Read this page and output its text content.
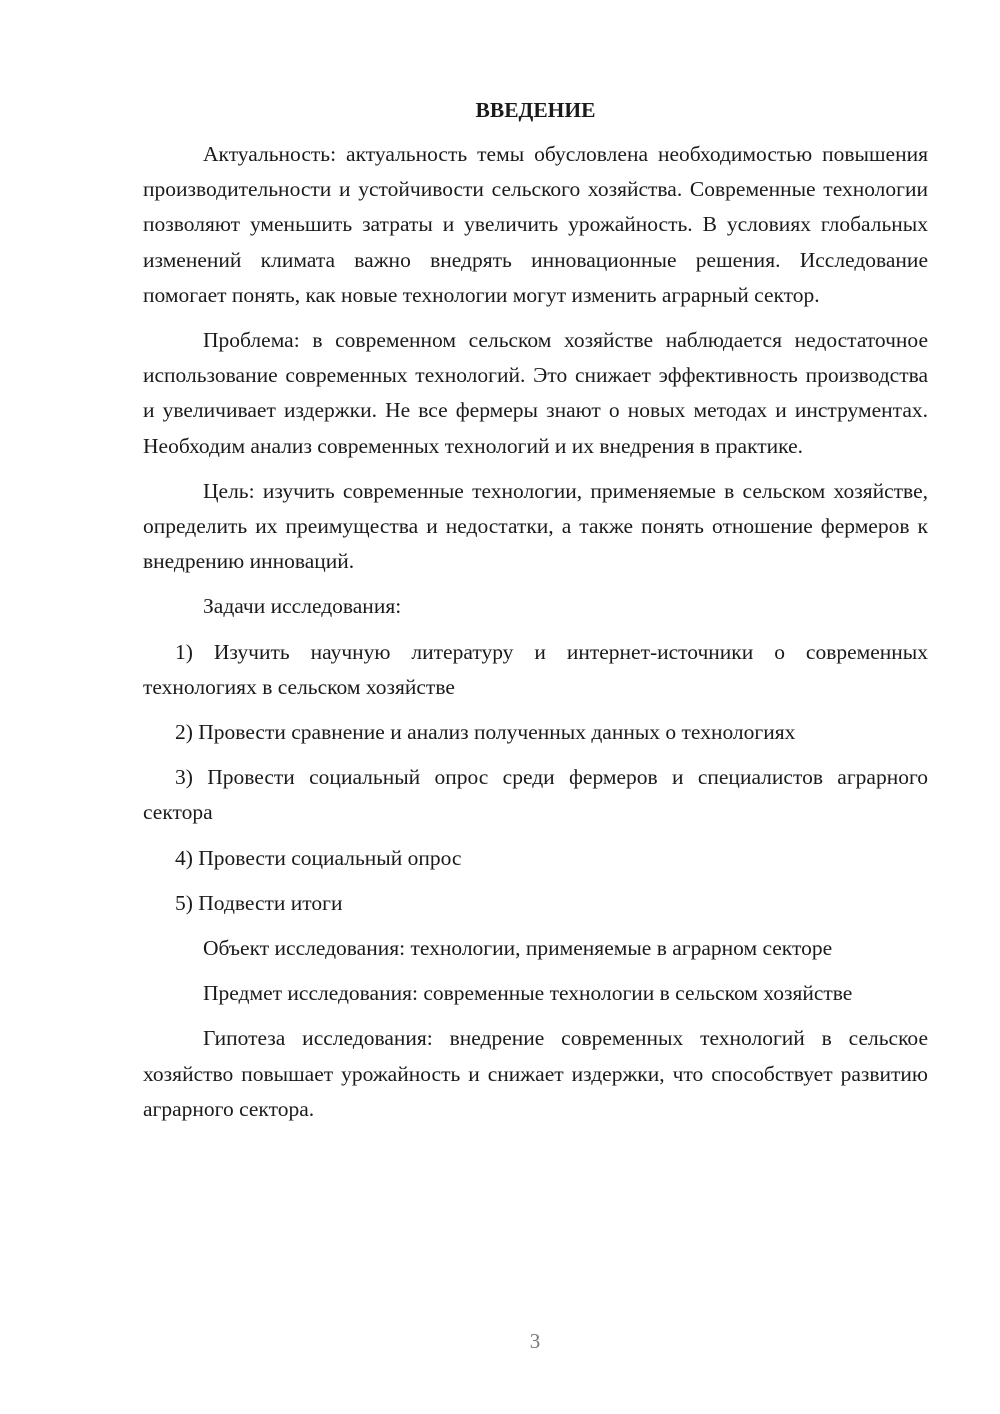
ВВЕДЕНИЕ

Актуальность: актуальность темы обусловлена необходимостью повышения производительности и устойчивости сельского хозяйства. Современные технологии позволяют уменьшить затраты и увеличить урожайность. В условиях глобальных изменений климата важно внедрять инновационные решения. Исследование помогает понять, как новые технологии могут изменить аграрный сектор.

Проблема: в современном сельском хозяйстве наблюдается недостаточное использование современных технологий. Это снижает эффективность производства и увеличивает издержки. Не все фермеры знают о новых методах и инструментах. Необходим анализ современных технологий и их внедрения в практике.

Цель: изучить современные технологии, применяемые в сельском хозяйстве, определить их преимущества и недостатки, а также понять отношение фермеров к внедрению инноваций.

Задачи исследования:

1) Изучить научную литературу и интернет-источники о современных технологиях в сельском хозяйстве

2) Провести сравнение и анализ полученных данных о технологиях

3) Провести социальный опрос среди фермеров и специалистов аграрного сектора

4) Провести социальный опрос

5) Подвести итоги

Объект исследования: технологии, применяемые в аграрном секторе

Предмет исследования: современные технологии в сельском хозяйстве

Гипотеза исследования: внедрение современных технологий в сельское хозяйство повышает урожайность и снижает издержки, что способствует развитию аграрного сектора.

3
